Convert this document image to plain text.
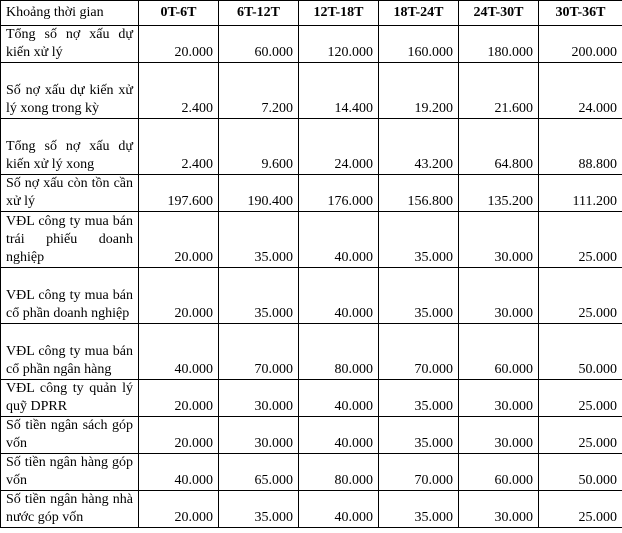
Khoảng thời gian	0T-6T	6T-12T	12T-18T	18T-24T	24T-30T	30T-36T
Tổng số nợ xấu dự kiến xử lý	20.000	60.000	120.000	160.000	180.000	200.000
Số nợ xấu dự kiến xử lý xong trong kỳ	2.400	7.200	14.400	19.200	21.600	24.000
Tổng số nợ xấu dự kiến xử lý xong	2.400	9.600	24.000	43.200	64.800	88.800
Số nợ xấu còn tồn cần xử lý	197.600	190.400	176.000	156.800	135.200	111.200
VĐL công ty mua bán trái phiếu doanh nghiệp	20.000	35.000	40.000	35.000	30.000	25.000
VĐL công ty mua bán cổ phần doanh nghiệp	20.000	35.000	40.000	35.000	30.000	25.000
VĐL công ty mua bán cổ phần ngân hàng	40.000	70.000	80.000	70.000	60.000	50.000
VĐL công ty quản lý quỹ DPRR	20.000	30.000	40.000	35.000	30.000	25.000
Số tiền ngân sách góp vốn	20.000	30.000	40.000	35.000	30.000	25.000
Số tiền ngân hàng góp vốn	40.000	65.000	80.000	70.000	60.000	50.000
Số tiền ngân hàng nhà nước góp vốn	20.000	35.000	40.000	35.000	30.000	25.000
